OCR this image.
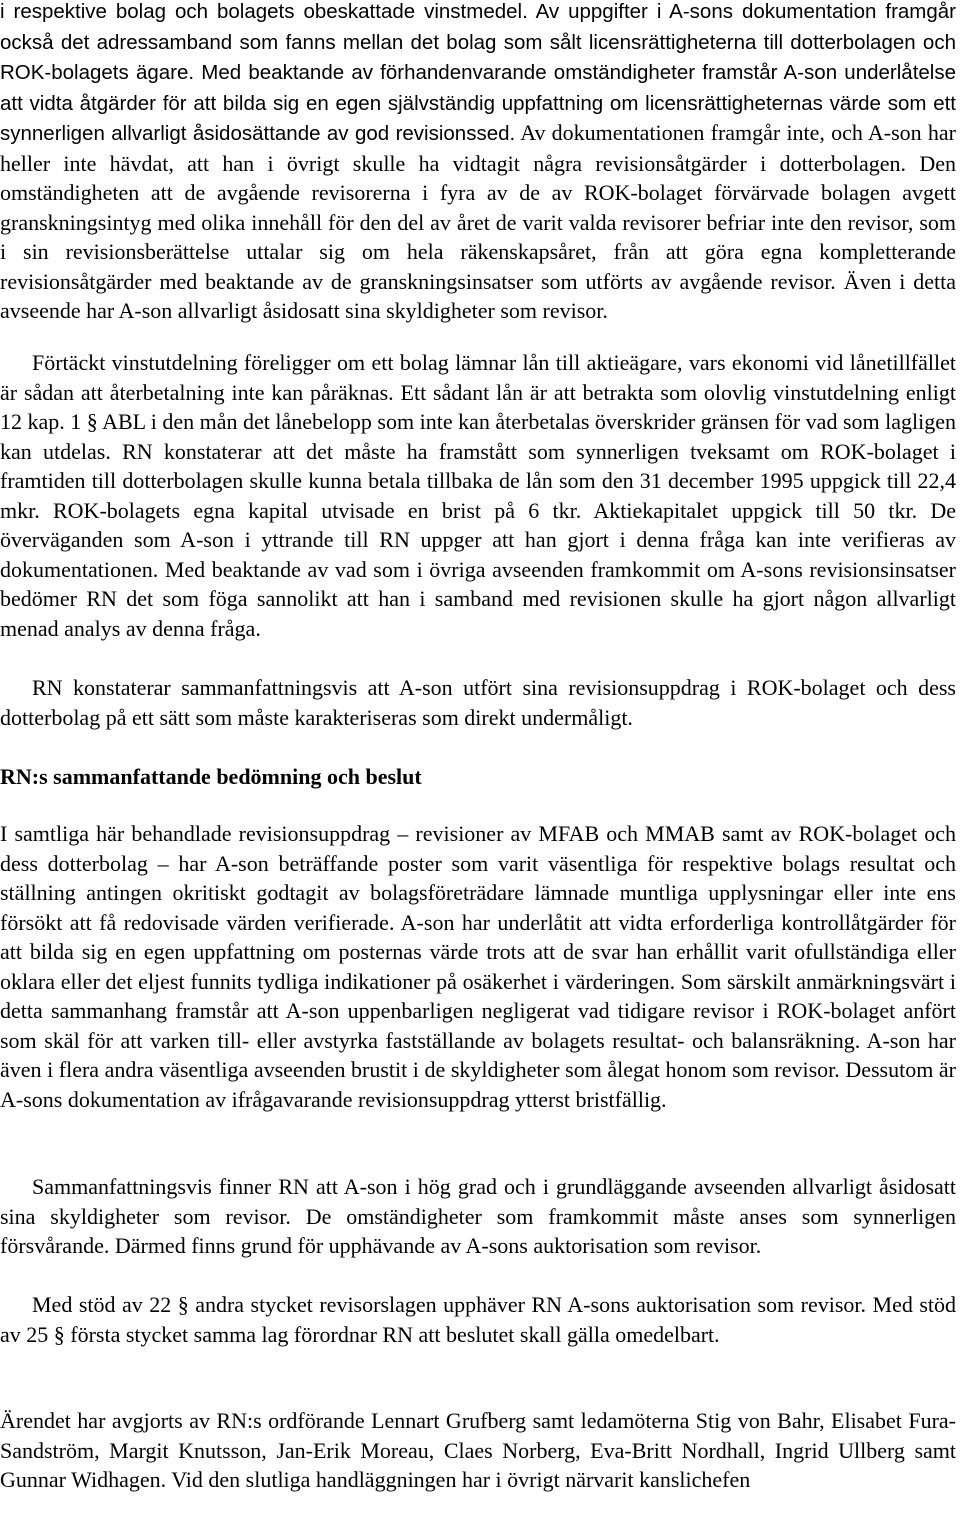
i respektive bolag och bolagets obeskattade vinstmedel. Av uppgifter i A-sons dokumentation framgår också det adressamband som fanns mellan det bolag som sålt licensrättigheterna till dotterbolagen och ROK-bolagets ägare. Med beaktande av förhandenvarande omständigheter framstår A-son underlåtelse att vidta åtgärder för att bilda sig en egen självständig uppfattning om licensrättigheternas värde som ett synnerligen allvarligt åsidosättande av god revisionssed. Av dokumentationen framgår inte, och A-son har heller inte hävdat, att han i övrigt skulle ha vidtagit några revisionsåtgärder i dotterbolagen. Den omständigheten att de avgående revisorerna i fyra av de av ROK-bolaget förvärvade bolagen avgett granskningsintyg med olika innehåll för den del av året de varit valda revisorer befriar inte den revisor, som i sin revisionsberättelse uttalar sig om hela räkenskapsåret, från att göra egna kompletterande revisionsåtgärder med beaktande av de granskningsinsatser som utförts av avgående revisor. Även i detta avseende har A-son allvarligt åsidosatt sina skyldigheter som revisor.

Förtäckt vinstutdelning föreligger om ett bolag lämnar lån till aktieägare, vars ekonomi vid lånetillfället är sådan att återbetalning inte kan påräknas. Ett sådant lån är att betrakta som olovlig vinstutdelning enligt 12 kap. 1 § ABL i den mån det lånebelopp som inte kan återbetalas överskrider gränsen för vad som lagligen kan utdelas. RN konstaterar att det måste ha framstått som synnerligen tveksamt om ROK-bolaget i framtiden till dotterbolagen skulle kunna betala tillbaka de lån som den 31 december 1995 uppgick till 22,4 mkr. ROK-bolagets egna kapital utvisade en brist på 6 tkr. Aktiekapitalet uppgick till 50 tkr. De överväganden som A-son i yttrande till RN uppger att han gjort i denna fråga kan inte verifieras av dokumentationen. Med beaktande av vad som i övriga avseenden framkommit om A-sons revisionsinsatser bedömer RN det som föga sannolikt att han i samband med revisionen skulle ha gjort någon allvarligt menad analys av denna fråga.

RN konstaterar sammanfattningsvis att A-son utfört sina revisionsuppdrag i ROK-bolaget och dess dotterbolag på ett sätt som måste karakteriseras som direkt undermåligt.

RN:s sammanfattande bedömning och beslut

I samtliga här behandlade revisionsuppdrag – revisioner av MFAB och MMAB samt av ROK-bolaget och dess dotterbolag – har A-son beträffande poster som varit väsentliga för respektive bolags resultat och ställning antingen okritiskt godtagit av bolagsföreträdare lämnade muntliga upplysningar eller inte ens försökt att få redovisade värden verifierade. A-son har underlåtit att vidta erforderliga kontrollåtgärder för att bilda sig en egen uppfattning om posternas värde trots att de svar han erhållit varit ofullständiga eller oklara eller det eljest funnits tydliga indikationer på osäkerhet i värderingen. Som särskilt anmärkningsvärt i detta sammanhang framstår att A-son uppenbarligen negligerat vad tidigare revisor i ROK-bolaget anfört som skäl för att varken till- eller avstyrka fastställande av bolagets resultat- och balansräkning. A-son har även i flera andra väsentliga avseenden brustit i de skyldigheter som ålegat honom som revisor. Dessutom är A-sons dokumentation av ifrågavarande revisionsuppdrag ytterst bristfällig.

Sammanfattningsvis finner RN att A-son i hög grad och i grundläggande avseenden allvarligt åsidosatt sina skyldigheter som revisor. De omständigheter som framkommit måste anses som synnerligen försvårande. Därmed finns grund för upphävande av A-sons auktorisation som revisor.

Med stöd av 22 § andra stycket revisorslagen upphäver RN A-sons auktorisation som revisor. Med stöd av 25 § första stycket samma lag förordnar RN att beslutet skall gälla omedelbart.

Ärendet har avgjorts av RN:s ordförande Lennart Grufberg samt ledamöterna Stig von Bahr, Elisabet Fura-Sandström, Margit Knutsson, Jan-Erik Moreau, Claes Norberg, Eva-Britt Nordhall, Ingrid Ullberg samt Gunnar Widhagen. Vid den slutliga handläggningen har i övrigt närvarit kanslichefen
